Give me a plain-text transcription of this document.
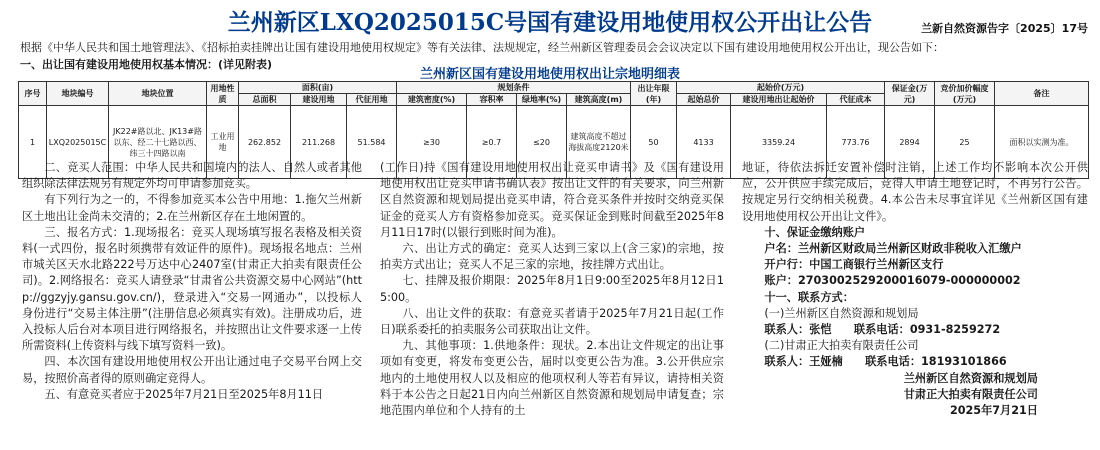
兰州新区LXQ2025015C号国有建设用地使用权公开出让公告	兰新自然资源告字〔2025〕17号
根据《中华人民共和国土地管理法》、《招标拍卖挂牌出让国有建设用地使用权规定》等有关法律、法规规定，经兰州新区管理委员会会议决定以下国有建设用地使用权公开出让，现公告如下：
一、出让国有建设用地使用权基本情况：(详见附表)
兰州新区国有建设用地使用权出让宗地明细表
序号	地块编号	地块位置	用地性质	面积(亩)			规划条件				出让年限(年)	起始价(万元)			保证金(万元)	竞价加价幅度(万元)	备注
				总面积	建设用地	代征用地	建筑密度(%)	容积率	绿地率(%)	建筑高度(m)		起始总价	建设用地出让起始价	代征成本			
1	LXQ2025015C	JK22#路以北、JK13#路以东、经二十七路以西、纬三十四路以南	工业用地	262.852	211.268	51.584	≥30	≥0.7	≤20	建筑高度不超过海拔高度2120米	50	4133	3359.24	773.76	2894	25	面积以实测为准。

二、竞买人范围：中华人民共和国境内的法人、自然人或者其他组织除法律法规另有规定外均可申请参加竞买。

有下列行为之一的，不得参加竞买本公告中用地：1.拖欠兰州新区土地出让金尚未交清的；2.在兰州新区存在土地闲置的。

三、报名方式：1.现场报名：竞买人现场填写报名表格及相关资料(一式四份，报名时须携带有效证件的原件)。现场报名地点：兰州市城关区天水北路222号万达中心2407室(甘肃正大拍卖有限责任公司)。2.网络报名：竞买人请登录“甘肃省公共资源交易中心网站”(http://ggzyjy.gansu.gov.cn/)，登录进入“交易一网通办”，以投标人身份进行“交易主体注册”(注册信息必须真实有效)。注册成功后，进入投标人后台对本项目进行网络报名，并按照出让文件要求逐一上传所需资料(上传资料与线下填写资料一致)。

四、本次国有建设用地使用权公开出让通过电子交易平台网上交易，按照价高者得的原则确定竞得人。

五、有意竞买者应于2025年7月21日至2025年8月11日

(工作日)持《国有建设用地使用权出让竞买申请书》及《国有建设用地使用权出让竞买申请书确认表》按出让文件的有关要求，向兰州新区自然资源和规划局提出竞买申请，符合竞买条件并按时交纳竞买保证金的竞买人方有资格参加竞买。竞买保证金到账时间截至2025年8月11日17时(以银行到账时间为准)。

六、出让方式的确定：竞买人达到三家以上(含三家)的宗地，按拍卖方式出让；竞买人不足三家的宗地，按挂牌方式出让。

七、挂牌及报价期限：2025年8月1日9:00至2025年8月12日15:00。

八、出让文件的获取：有意竞买者请于2025年7月21日起(工作日)联系委托的拍卖服务公司获取出让文件。

九、其他事项：1.供地条件：现状。2.本出让文件规定的出让事项如有变更，将发布变更公告，届时以变更公告为准。3.公开供应宗地内的土地使用权人以及相应的他项权利人等若有异议，请持相关资料于本公告之日起21日内向兰州新区自然资源和规划局申请复查；宗地范围内单位和个人持有的土

地证，待依法拆迁安置补偿时注销，上述工作均不影响本次公开供应，公开供应手续完成后，竞得人申请土地登记时，不再另行公告。按规定另行交纳相关税费。4.本公告未尽事宜详见《兰州新区国有建设用地使用权公开出让文件》。

十、保证金缴纳账户

户名：兰州新区财政局兰州新区财政非税收入汇缴户

开户行：中国工商银行兰州新区支行

账户：2703002529200016079-000000002

十一、联系方式：

(一)兰州新区自然资源和规划局

联系人：张恺　　联系电话：0931-8259272

(二)甘肃正大拍卖有限责任公司

联系人：王娅楠　　联系电话：18193101866

兰州新区自然资源和规划局

甘肃正大拍卖有限责任公司

2025年7月21日
